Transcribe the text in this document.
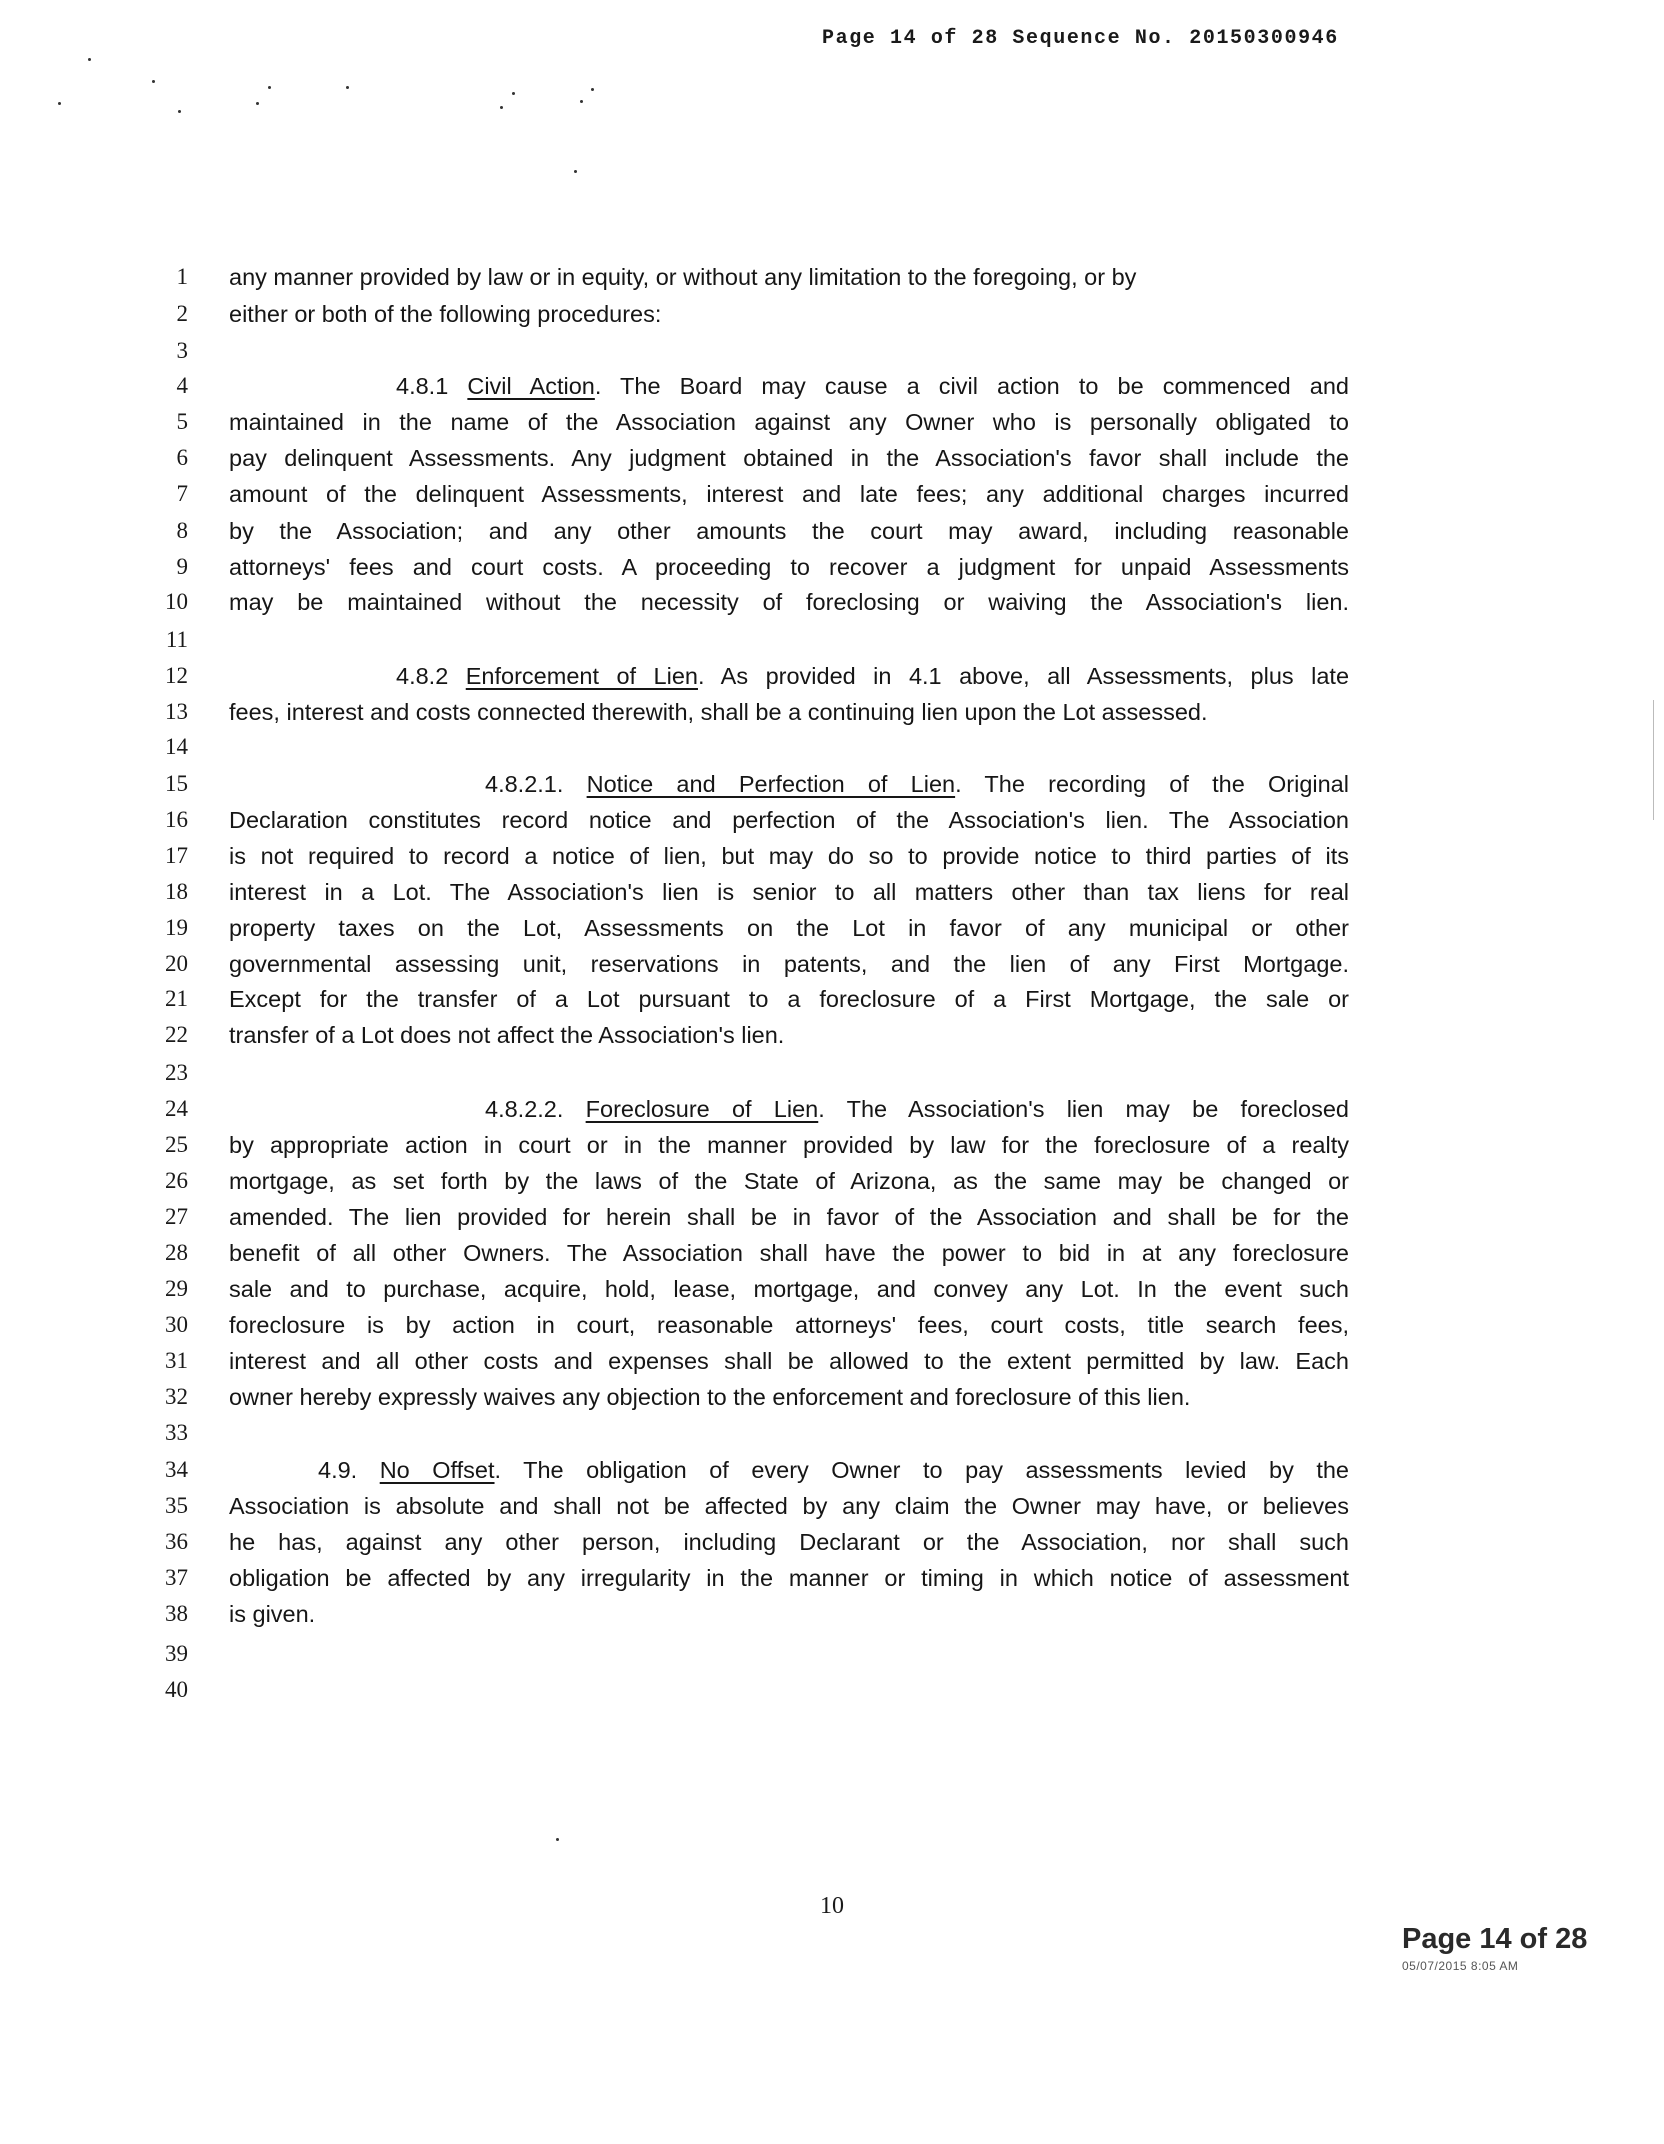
Page 14 of 28 Sequence No. 20150300946
1 any manner provided by law or in equity, or without any limitation to the foregoing, or by
2 either or both of the following procedures:
3
4	4.8.1 Civil Action. The Board may cause a civil action to be commenced and
5 maintained in the name of the Association against any Owner who is personally obligated to
6 pay delinquent Assessments. Any judgment obtained in the Association's favor shall include the
7 amount of the delinquent Assessments, interest and late fees; any additional charges incurred
8 by the Association; and any other amounts the court may award, including reasonable
9 attorneys' fees and court costs. A proceeding to recover a judgment for unpaid Assessments
10 may be maintained without the necessity of foreclosing or waiving the Association's lien.
11
12	4.8.2 Enforcement of Lien. As provided in 4.1 above, all Assessments, plus late
13 fees, interest and costs connected therewith, shall be a continuing lien upon the Lot assessed.
14
15	4.8.2.1. Notice and Perfection of Lien. The recording of the Original
16 Declaration constitutes record notice and perfection of the Association's lien. The Association
17 is not required to record a notice of lien, but may do so to provide notice to third parties of its
18 interest in a Lot. The Association's lien is senior to all matters other than tax liens for real
19 property taxes on the Lot, Assessments on the Lot in favor of any municipal or other
20 governmental assessing unit, reservations in patents, and the lien of any First Mortgage.
21 Except for the transfer of a Lot pursuant to a foreclosure of a First Mortgage, the sale or
22 transfer of a Lot does not affect the Association's lien.
23
24	4.8.2.2. Foreclosure of Lien. The Association's lien may be foreclosed
25 by appropriate action in court or in the manner provided by law for the foreclosure of a realty
26 mortgage, as set forth by the laws of the State of Arizona, as the same may be changed or
27 amended. The lien provided for herein shall be in favor of the Association and shall be for the
28 benefit of all other Owners. The Association shall have the power to bid in at any foreclosure
29 sale and to purchase, acquire, hold, lease, mortgage, and convey any Lot. In the event such
30 foreclosure is by action in court, reasonable attorneys' fees, court costs, title search fees,
31 interest and all other costs and expenses shall be allowed to the extent permitted by law. Each
32 owner hereby expressly waives any objection to the enforcement and foreclosure of this lien.
33
34	4.9. No Offset. The obligation of every Owner to pay assessments levied by the
35 Association is absolute and shall not be affected by any claim the Owner may have, or believes
36 he has, against any other person, including Declarant or the Association, nor shall such
37 obligation be affected by any irregularity in the manner or timing in which notice of assessment
38 is given.
39
40
10
Page 14 of 28
05/07/2015 8:05 AM
